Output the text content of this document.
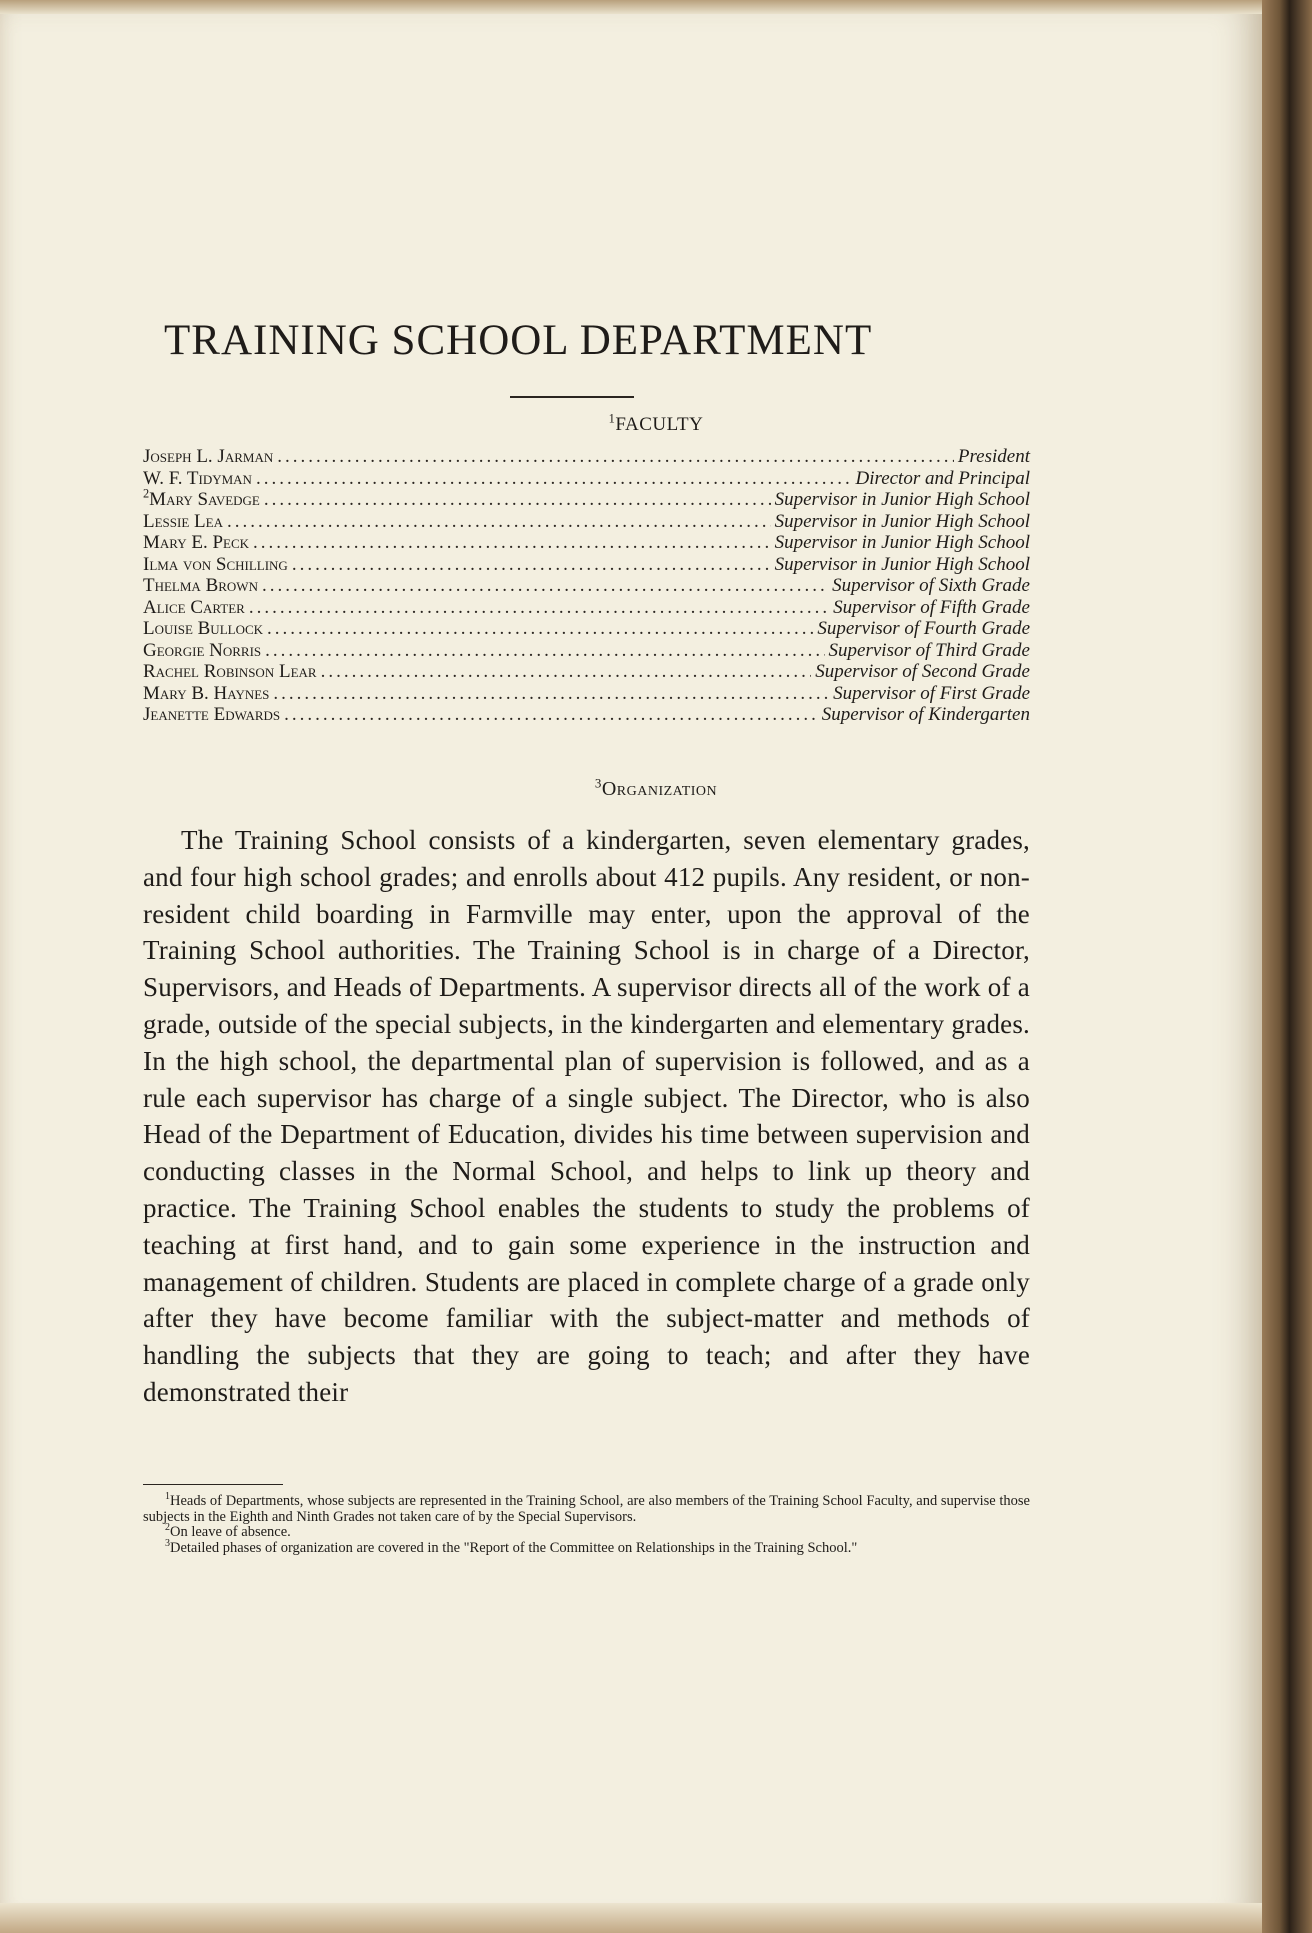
TRAINING SCHOOL DEPARTMENT
$^1$FACULTY
Joseph L. Jarman .....	President
W. F. Tidyman .....	Director and Principal
$^2$Mary Savedge .....	Supervisor in Junior High School
Lessie Lea .....	Supervisor in Junior High School
Mary E. Peck .....	Supervisor in Junior High School
Ilma von Schilling .....	Supervisor in Junior High School
Thelma Brown .....	Supervisor of Sixth Grade
Alice Carter .....	Supervisor of Fifth Grade
Louise Bullock .....	Supervisor of Fourth Grade
Georgie Norris .....	Supervisor of Third Grade
Rachel Robinson Lear .....	Supervisor of Second Grade
Mary B. Haynes .....	Supervisor of First Grade
Jeanette Edwards .....	Supervisor of Kindergarten
$^3$Organization

The Training School consists of a kindergarten, seven elementary grades, and four high school grades; and enrolls about 412 pupils. Any resident, or non-resident child boarding in Farmville may enter, upon the approval of the Training School authorities. The Training School is in charge of a Director, Supervisors, and Heads of Departments. A supervisor directs all of the work of a grade, outside of the special subjects, in the kindergarten and elementary grades. In the high school, the departmental plan of supervision is followed, and as a rule each supervisor has charge of a single subject. The Director, who is also Head of the Department of Education, divides his time between supervision and conducting classes in the Normal School, and helps to link up theory and practice. The Training School enables the students to study the problems of teaching at first hand, and to gain some experience in the instruction and management of children. Students are placed in complete charge of a grade only after they have become familiar with the subject-matter and methods of handling the subjects that they are going to teach; and after they have demonstrated their

$^1$Heads of Departments, whose subjects are represented in the Training School, are also members of the Training School Faculty, and supervise those subjects in the Eighth and Ninth Grades not taken care of by the Special Supervisors.

$^2$On leave of absence.

$^3$Detailed phases of organization are covered in the "Report of the Committee on Relationships in the Training School."
